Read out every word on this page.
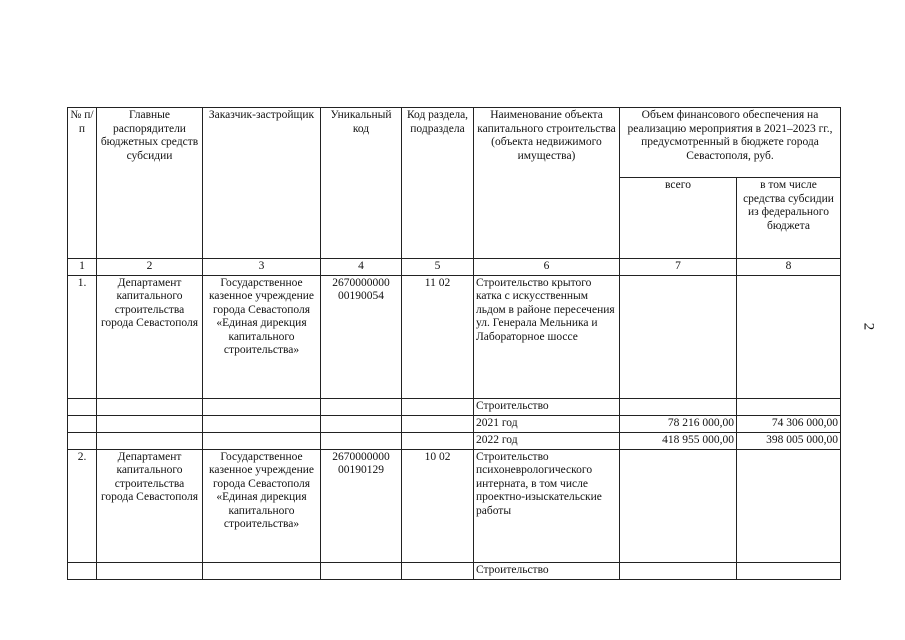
2
№ п/п	Главные распорядители бюджетных средств субсидии	Заказчик-застройщик	Уникальный код	Код раздела, подраздела	Наименование объекта капитального строительства (объекта недвижимого имущества)	Объем финансового обеспечения на реализацию мероприятия в 2021–2023 гг., предусмотренный в бюджете города Севастополя, руб.	
						всего	в том числе средства субсидии из федерального бюджета
1	2	3	4	5	6	7	8
1.	Департамент капитального строительства города Севастополя	Государственное казенное учреждение города Севастополя «Единая дирекция капитального строительства»	2670000000 00190054	11 02	Строительство крытого катка с искусственным льдом в районе пересечения ул. Генерала Мельника и Лабораторное шоссе		
					Строительство		
					2021 год	78 216 000,00	74 306 000,00
					2022 год	418 955 000,00	398 005 000,00
2.	Департамент капитального строительства города Севастополя	Государственное казенное учреждение города Севастополя «Единая дирекция капитального строительства»	2670000000 00190129	10 02	Строительство психоневрологического интерната, в том числе проектно-изыскательские работы		
					Строительство		
